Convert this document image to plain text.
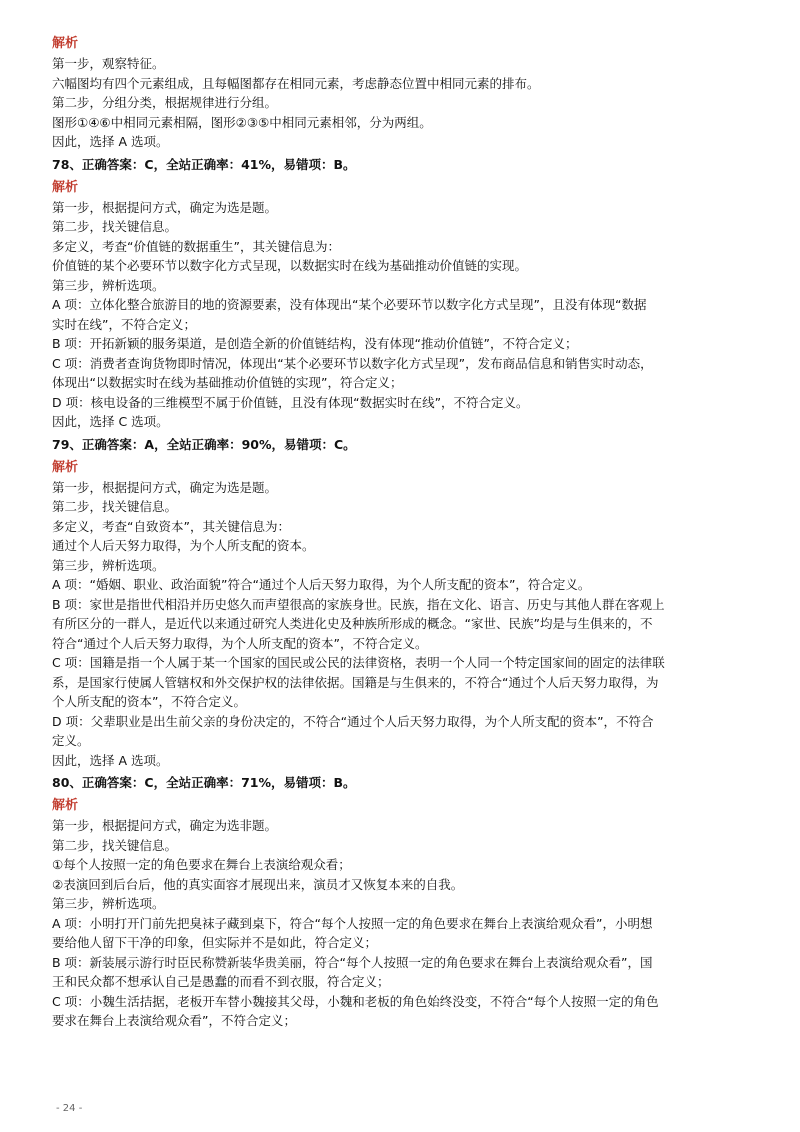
解析

第一步，观察特征。

六幅图均有四个元素组成，且每幅图都存在相同元素，考虑静态位置中相同元素的排布。

第二步，分组分类，根据规律进行分组。

图形①④⑥中相同元素相隔，图形②③⑤中相同元素相邻，分为两组。

因此，选择 A 选项。

78、正确答案：C，全站正确率：41%，易错项：B。

解析

第一步，根据提问方式，确定为选是题。

第二步，找关键信息。

多定义，考查“价值链的数据重生”，其关键信息为：

价值链的某个必要环节以数字化方式呈现，以数据实时在线为基础推动价值链的实现。

第三步，辨析选项。

A 项：立体化整合旅游目的地的资源要素，没有体现出“某个必要环节以数字化方式呈现”，且没有体现“数据

实时在线”，不符合定义；

B 项：开拓新颖的服务渠道，是创造全新的价值链结构，没有体现“推动价值链”，不符合定义；

C 项：消费者查询货物即时情况，体现出“某个必要环节以数字化方式呈现”，发布商品信息和销售实时动态，

体现出“以数据实时在线为基础推动价值链的实现”，符合定义；

D 项：核电设备的三维模型不属于价值链，且没有体现“数据实时在线”，不符合定义。

因此，选择 C 选项。

79、正确答案：A，全站正确率：90%，易错项：C。

解析

第一步，根据提问方式，确定为选是题。

第二步，找关键信息。

多定义，考查“自致资本”，其关键信息为：

通过个人后天努力取得，为个人所支配的资本。

第三步，辨析选项。

A 项：“婚姻、职业、政治面貌”符合“通过个人后天努力取得，为个人所支配的资本”，符合定义。

B 项：家世是指世代相沿并历史悠久而声望很高的家族身世。民族，指在文化、语言、历史与其他人群在客观上

有所区分的一群人，是近代以来通过研究人类进化史及种族所形成的概念。“家世、民族”均是与生俱来的，不

符合“通过个人后天努力取得，为个人所支配的资本”，不符合定义。

C 项：国籍是指一个人属于某一个国家的国民或公民的法律资格，表明一个人同一个特定国家间的固定的法律联

系，是国家行使属人管辖权和外交保护权的法律依据。国籍是与生俱来的，不符合“通过个人后天努力取得，为

个人所支配的资本”，不符合定义。

D 项：父辈职业是出生前父亲的身份决定的，不符合“通过个人后天努力取得，为个人所支配的资本”，不符合

定义。

因此，选择 A 选项。

80、正确答案：C，全站正确率：71%，易错项：B。

解析

第一步，根据提问方式，确定为选非题。

第二步，找关键信息。

①每个人按照一定的角色要求在舞台上表演给观众看；

②表演回到后台后，他的真实面容才展现出来，演员才又恢复本来的自我。

第三步，辨析选项。

A 项：小明打开门前先把臭袜子藏到桌下，符合“每个人按照一定的角色要求在舞台上表演给观众看”，小明想

要给他人留下干净的印象，但实际并不是如此，符合定义；

B 项：新装展示游行时臣民称赞新装华贵美丽，符合“每个人按照一定的角色要求在舞台上表演给观众看”，国

王和民众都不想承认自己是愚蠢的而看不到衣服，符合定义；

C 项：小魏生活拮据，老板开车替小魏接其父母，小魏和老板的角色始终没变，不符合“每个人按照一定的角色

要求在舞台上表演给观众看”，不符合定义；

- 24 -
